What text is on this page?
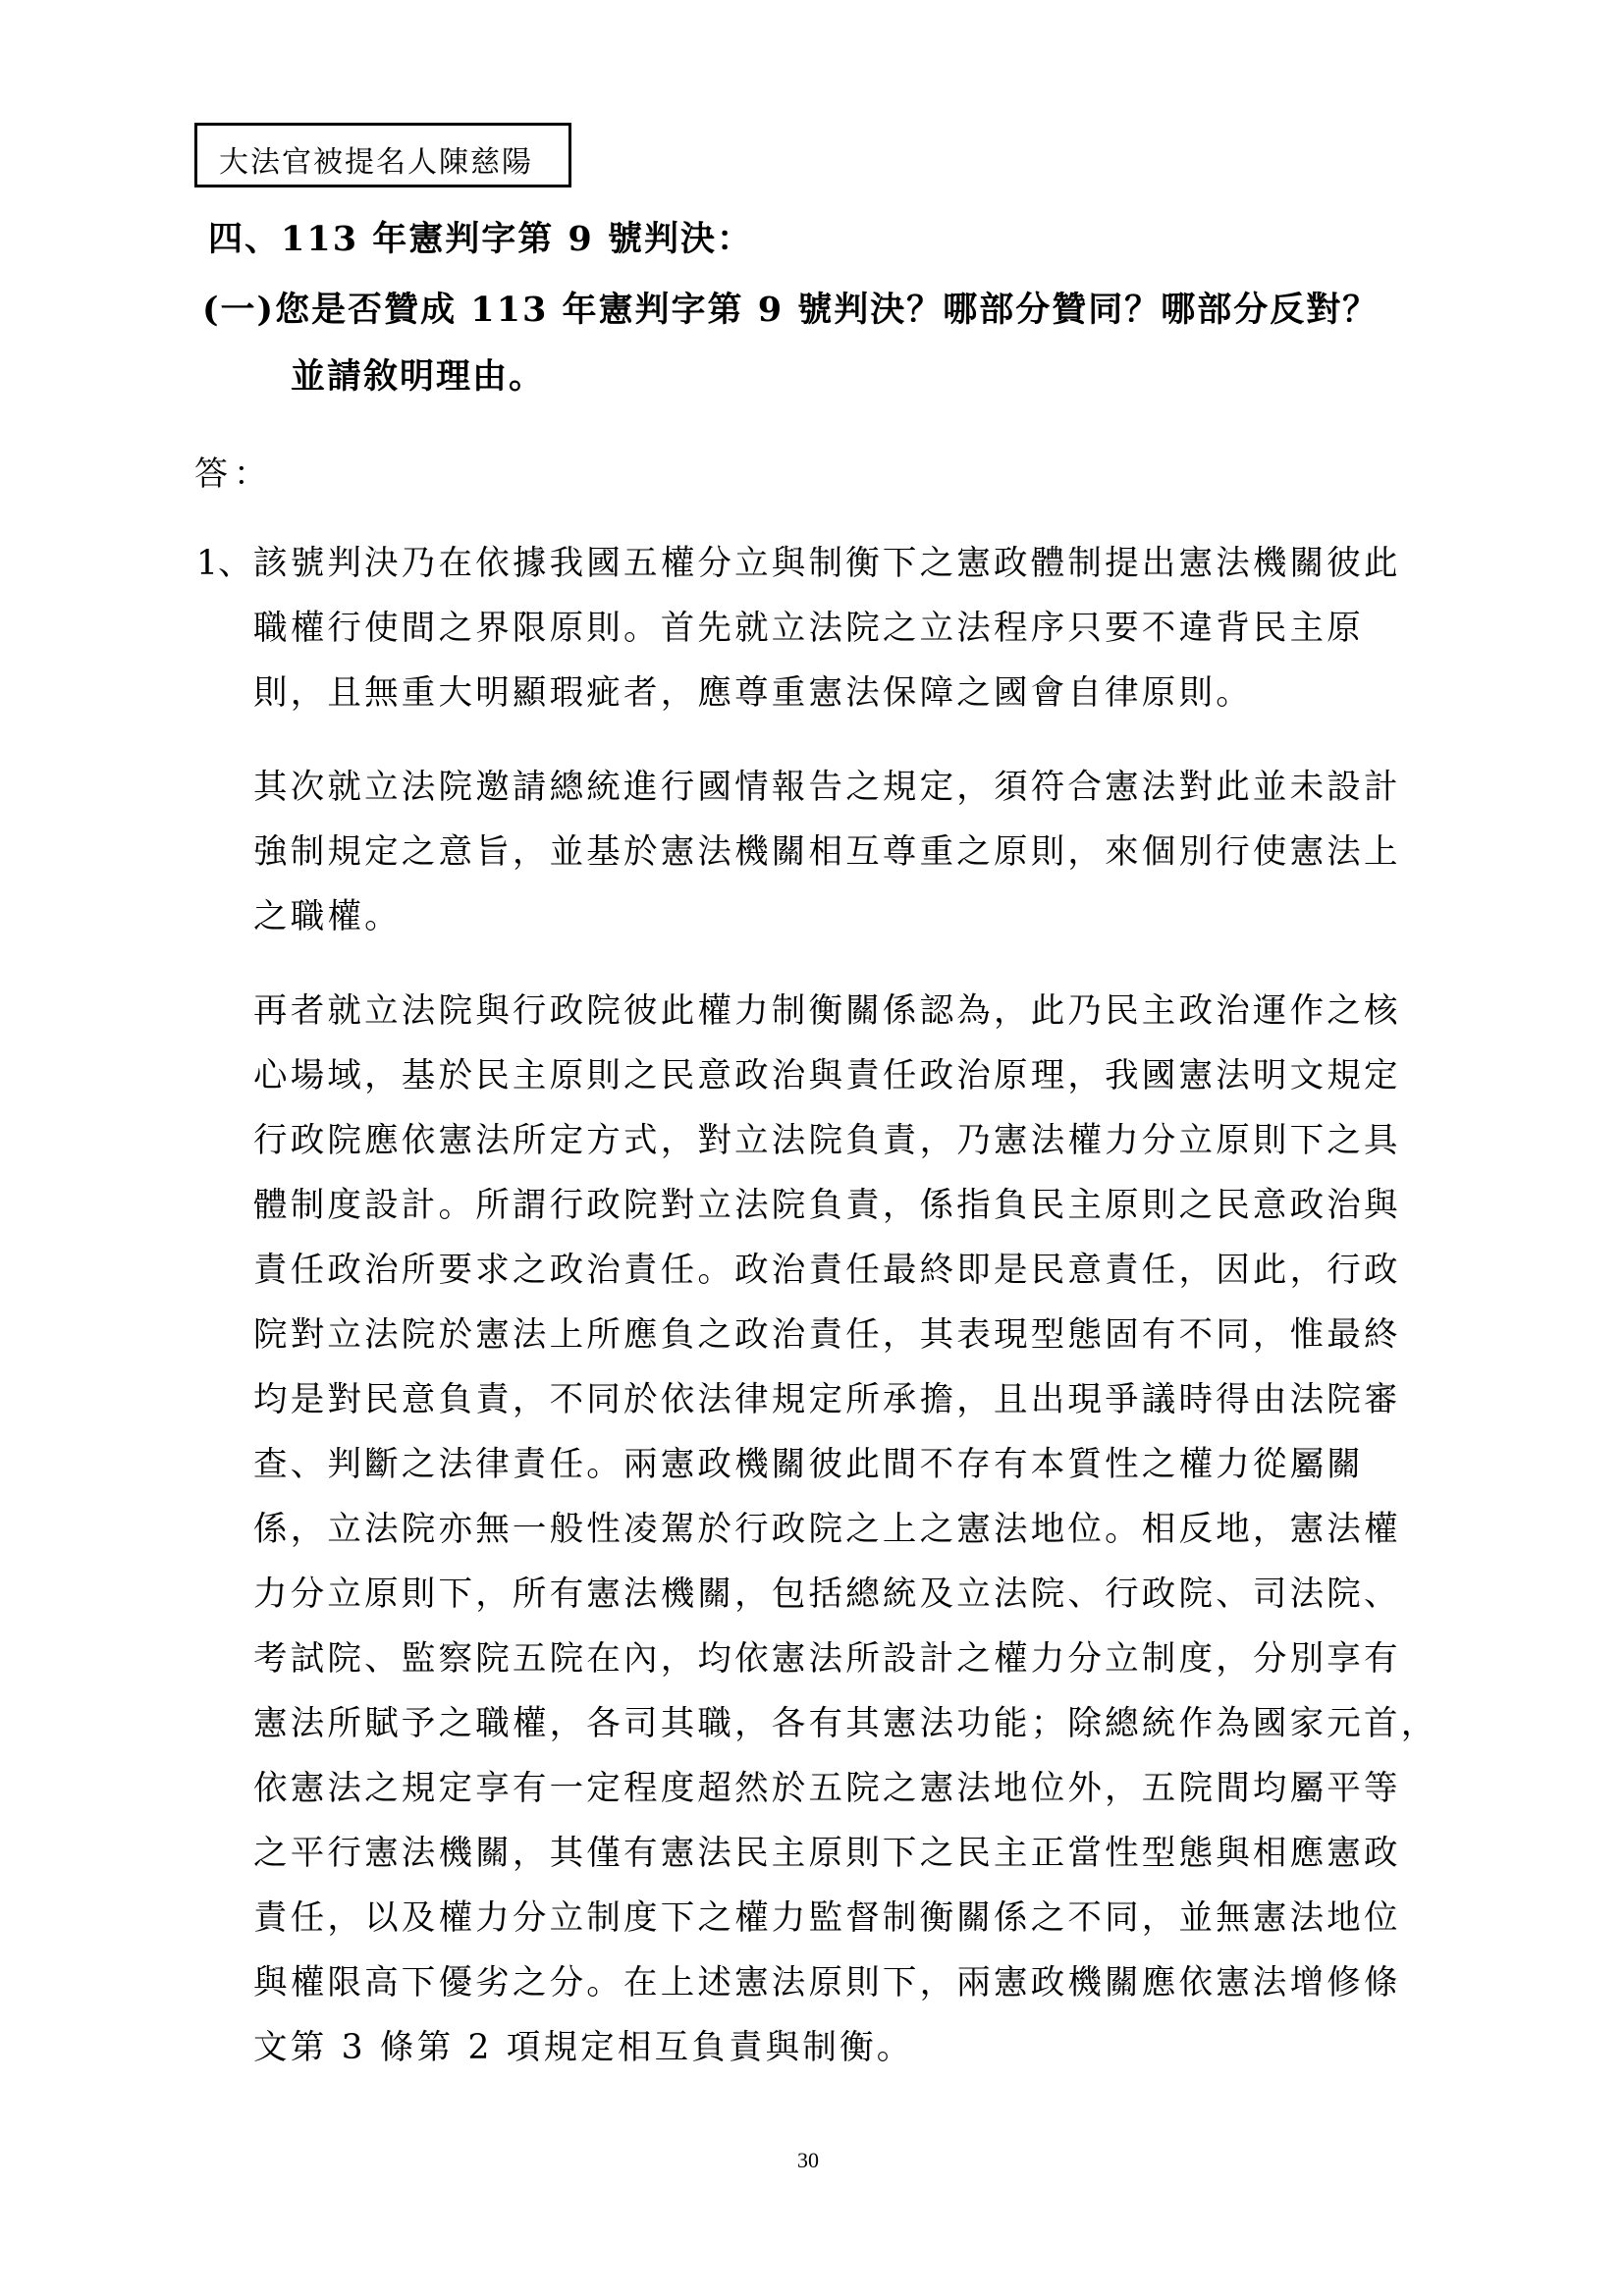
大法官被提名人陳慈陽
四、113 年憲判字第 9 號判決：
(一)您是否贊成 113 年憲判字第 9 號判決？哪部分贊同？哪部分反對？
並請敘明理由。
答：
1、 該號判決乃在依據我國五權分立與制衡下之憲政體制提出憲法機關彼此
職權行使間之界限原則。首先就立法院之立法程序只要不違背民主原
則，且無重大明顯瑕疵者，應尊重憲法保障之國會自律原則。
其次就立法院邀請總統進行國情報告之規定，須符合憲法對此並未設計
強制規定之意旨，並基於憲法機關相互尊重之原則，來個別行使憲法上
之職權。
再者就立法院與行政院彼此權力制衡關係認為，此乃民主政治運作之核
心場域，基於民主原則之民意政治與責任政治原理，我國憲法明文規定
行政院應依憲法所定方式，對立法院負責，乃憲法權力分立原則下之具
體制度設計。所謂行政院對立法院負責，係指負民主原則之民意政治與
責任政治所要求之政治責任。政治責任最終即是民意責任，因此，行政
院對立法院於憲法上所應負之政治責任，其表現型態固有不同，惟最終
均是對民意負責，不同於依法律規定所承擔，且出現爭議時得由法院審
查、判斷之法律責任。兩憲政機關彼此間不存有本質性之權力從屬關
係，立法院亦無一般性凌駕於行政院之上之憲法地位。相反地，憲法權
力分立原則下，所有憲法機關，包括總統及立法院、行政院、司法院、
考試院、監察院五院在內，均依憲法所設計之權力分立制度，分別享有
憲法所賦予之職權，各司其職，各有其憲法功能；除總統作為國家元首，
依憲法之規定享有一定程度超然於五院之憲法地位外，五院間均屬平等
之平行憲法機關，其僅有憲法民主原則下之民主正當性型態與相應憲政
責任，以及權力分立制度下之權力監督制衡關係之不同，並無憲法地位
與權限高下優劣之分。在上述憲法原則下，兩憲政機關應依憲法增修條
文第 3 條第 2 項規定相互負責與制衡。
30
